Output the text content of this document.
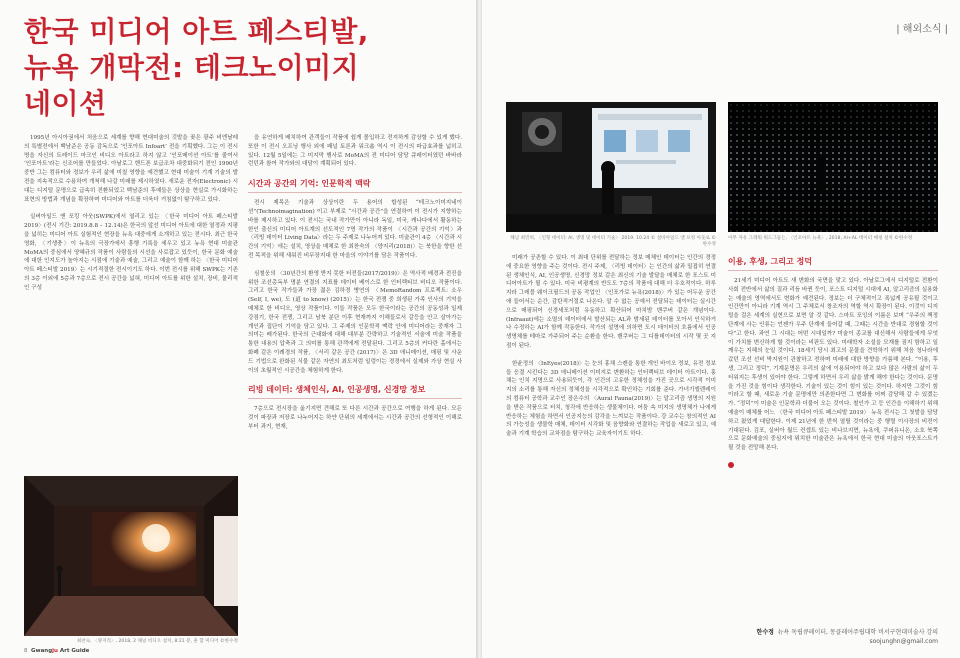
한국 미디어 아트 페스티발,
뉴욕 개막전: 테크노이미지네이션

1995년 아시아권에서 처음으로 세계를 향해 현대미술의 깃발을 꽂은 광주 비엔날레의 특별전에서 백남준은 공동 감독으로 ‘인포아트 Infoart’ 전을 기획했다. 그는 이 전시 명을 자신의 트레이드 마크인 비디오 아트라고 하지 않고 ‘인포메이션 아트’를 줄여서 ‘인포아트’라는 신조어를 만들었다. 아날로그 핸드폰 보급조차 대중화되기 전인 1990년 중반 그는 컴퓨터와 정보가 우리 삶에 미칠 영향을 예견했고 현대 미술이 기계 기술의 발전을 지속적으로 수용하여 개척해 나갈 미래를 제시하였다. 새로운 전자(Electronic) 시대는 디지털 문명으로 급속히 전환되었고 백남준의 후예들은 상상을 현실로 가시화하는 표현의 방법과 개념을 확장하며 미디어와 아트를 더욱더 거침없이 탐구하고 있다.

실버아일드 앤 포킹 아웃(SWPK)에서 열리고 있는 〈한국 미디어 아트 페스티발 2019〉(전시 기간: 2019.8.8 – 12.14)은 한국의 앞선 미디어 아트에 대한 열정과 지평을 넓히는 미디어 아트 실험적인 현장을 뉴욕 대중에게 소개하고 있는 전시다. 최근 한국 영화, 〈기생충〉이 뉴욕의 극장가에서 흥행 기록을 세우고 있고 뉴욕 현대 미술관 MoMA의 중심에서 양혜규의 작품이 사람들의 시선을 사로잡고 있듯이, 한국 문화 예술에 대한 인지도가 높아지는 시점에 기술과 예술, 그리고 예술이 함께 하는 〈한국 미디어 아트 페스티발 2019〉는 시기적절한 전시이기도 하다. 이번 전시를 위해 SWPK는 기존의 3층 이외에 5층과 7층으로 전시 공간을 넓혀, 미디어 아트를 위한 설치, 장비, 물리적인 구성

을 유연하게 배치하여 관객들이 작품에 쉽게 몰입하고 전지하게 감상할 수 있게 했다. 또한 이 전시 오프닝 행사 외에 패널 토론과 워크숍 역시 이 전시의 파급효과를 넓히고 있다. 12월 5일에는 그 미지막 행사로 MoMA의 전 미디어 담당 큐레이터였던 바바라 런던과 참여 작가와의 대담이 계획되어 있다.

시간과 공간의 기억: 인문학적 맥락

전시 제목은 기술과 상상이란 두 용어의 합성된 “테크노이미지네이션”(Technoimagination) 이고 부제로 “시간과 공간”을 연결하여 이 전시가 지향하는 바를 제시하고 있다. 이 전시는 국내 작가만이 아니라 독일, 미국, 캐나다에서 활동하는 한인 출신의 미디어 아트계의 선도적인 7명 작가의 작품이 〈시간과 공간의 기억〉과 〈리빙 데이터 Living Data〉라는 두 주제로 나누어져 있다. 미술관이 4층 〈시간과 시간의 기억〉에는 설치, 영상을 매체로 한 최찬숙의 〈양지리(2018)〉는 북한을 향한 선전 목적을 위해 새워진 비무장지대 한 마을의 이야기를 담은 작품이다.

심철웅의 〈30년간의 환영 받지 못한 터전들(2017/2019)〉은 역사적 배경과 전진을 위한 조선총독부 명분 연결의 지표를 데이터 베이스로 한 인터렉티브 비디오 작품이다. 그리고 한국 작가들과 가장 젊은 김하경 병연의 〈MemoRandom 프로젝트: 소우 (Self, I, we), 도 (道 to know) (2015)〉는 한국 전쟁 중 희생된 가족 인사의 기억을 매체로 한 비디오, 영상 작품이다. 이들 작품은 모두 한국이라는 공간의 공동성과 일제 강점기, 한국 전쟁, 그리고 남북 분단 이후 현재까지 이해들로서 갈등을 안고 살아가는 개인과 집단이 기억을 담고 있다. 그 주제의 인문학적 맥락 안에 미디어라는 중재자 그 의미는 배가된다. 한국의 근대화에 대해 대부분 간략하고 기술적인 서술에 미술 작품을 통한 내용의 압축과 그 의미를 통해 관객에게 전달된다. 그리고 5층의 커다란 홀에서는 화폐 같은 이례경의 작품, 〈서리 같은 공간 (2017)〉은 3D 애니메이션, 매핑 및 사운드 기법으로 완화된 식물 같은 자연의 최도처럼 일렁이는 경경에서 실제와 가상 현실 사이의 초월적인 시공간을 체험하게 한다.

리빙 데이터: 생체인식, AI, 인공생명, 신경망 정보

7층으로 전시장을 옮기지면 견해로 또 다른 시간과 공간으로 여행을 하게 된다. 모든 것이 파장과 저장로 나누어지는 하얀 단위의 세계에서는 시간과 공간의 선형적인 이해로부터 과거, 현재,

최찬숙, 〈양지리〉, 2018, 2 채널 비디오 설치, 8:21 분, 훈 합 미디어 ©한수정
8 Gwangju Art Guide
| 해외소식 |
해남 최민희, 〈인형 데이터: AI, 생명 및 데이터 기술〉 2019. 10.24 © 설바아일드 앤 포킹 아웃로 ©한수정
아무 자유 그레워 워드그들는, 〈인포아트 뉴욕〉, 2018, AI+AL 데이터 매핑 설치 ©한수정

미래가 공존할 수 있다. 이 최대 단위를 전달하는 정보 매체인 데이터는 인간의 경정에 중요한 영향을 주는 것이다. 전시 주제, 〈리빙 데이터〉는 인간의 삶과 밀접히 연결된 생체인식, AI, 인공생명, 신경망 정보 같은 최신의 기술 발달을 매체로 한 포스트 미디어아트가 될 수 있다. 미국 비평계의 반도도 7층의 작품에 대해 더 우호적이다. 하루 지라 그레믈 웨이크필드의 공동 작업인 〈인포가로 뉴욕(2018)〉가 있는 어두운 공간에 들어서는 순간, 감탄적거절로 나온다. 알 수 없는 공예서 전달되는 데이터는 실시간으로 매핑되어 신경세포처럼 유동하고 확산되어 마치밤 밴쿠버 같은 개념이다. (Infraaut)에는 소멸의 데이터에서 발산되는 AL과 밤새된 데이터를 모아서 인식하거나 수정하는 AI가 함께 작동한다. 작가의 설명에 의하면 도시 데이터의 흐름에서 인공 생명체를 테마로 가주되어 주는 순환을 한다. 밴쿠버는 그 디를데이터의 시작 몇 곳 지점이 된다.

한윤정의 〈InEyes(2018)〉는 눈의 홍채 스캔을 통한 개인 바이오 정보, 유전 정보들 응결 시킨다는 3D 애니메이션 이미지로 변환하는 인터렉티브 데이터 아트이다. 홍채는 인치 지명으로 사용되듯이, 각 인간의 고유한 정체성을 가진 곳으로 시각적 이미지의 소리를 통해 자신의 정체성을 시각적으로 확인하는 기회를 준다. 가녀기엘렌레이의 컴퓨터 공학과 교수인 장은수의 〈Aural Fauna(2019)〉는 알고리즘 생명의 지원을 받은 작품으로 터치, 청각에 반응하는 생물체이다. 어둠 속 미지의 생명체가 나에게 반응하는 체험을 하면서 인공지능의 감각을 느껴보는 작품이다. 강 교수는 창의적인 AI의 가능성을 생물학 매체, 데이터 시각화 및 음향화와 연결하는 작업을 새로고 있고, 예술과 기계 학습의 교차점을 탐구하는 교육자이기도 하다.

이용, 후생, 그리고 정덕

21세기 미디어 아트도 새 변화의 국면을 맞고 있다. 아날로그에서 디지털로 전환이 사회 전반에서 삶의 질과 리듬 바뀐 듯이, 포스트 디지털 시대에 AI, 알고리즘의 실용화는 예술의 영역에서도 변화가 예견된다. 정보는 더 구체적이고 폭넓게 공유될 것이고 인간만이 아니라 기계 역시 그 주체로서 창조자의 역할 역시 확장이 된다. 이것이 디지털을 걸은 세계의 실현으로 보면 알 것 같다. 스마트 포잉의 이름은 보며 “우주의 책정 단계에 사는 인류는 언젠가 우주 단계에 들어갈 때, 그때는 시간을 반대로 경험할 것이다”고 한다. 과연 그 시대는 어떤 시대일까? 미술이 종교를 대신해서 사람들에게 무엇이 가치를 변신하게 할 것이라는 비판도 있다. 미래학자 소설을 모재를 짐지 함하고 일깨우는 지혜의 눈일 것이다. 18세기 당시 최고의 문물을 견학하기 위해 처음 청나라에 갔던 조선 선비 박지원이 관찰하고 전하며 미래에 대한 방향을 가름해 본다. “이용, 후생, 그리고 정덕”, 기계문명은 우리의 삶에 이용되어야 하고 보다 많은 사람의 삶이 두터워지는 후생이 있어야 한다. 그렇게 하면서 우리 삶을 밝게 해야 한다는 것이다. 문명을 가진 것을 힘이다 생각한다. 기술이 있는 것이 힘이 있는 것이다. 하지만 그것이 힘이라고 할 때, 새로운 기술 문명에만 의존한다면 그 변화를 어찌 감당해 갈 수 있겠는가. “정덕”이 미술은 인문학과 더불어 오는 것이다. 철인가 고 등 인간을 이해하기 위해 예술이 매체를 어느 〈한국 미디어 아트 페스티발 2019〉 뉴욕 전시는 그 첫발을 담당하고 왔었게 대답한다. 이제 21년에 한 번씩 열릴 것이라는 중 행렬 이사장의 비전이 기대된다. 김포, 실버아 월드 컨셉트 있는 비나브지면, 뉴욕에, 쿠퍼유니온, 소호 북쪽으로 문화예술의 중심지에 위치한 미술관은 뉴욕에서 한국 현대 미술의 아웃포스트가 될 것을 전망해 본다.

한수정 뉴욕 독립큐레이터, 몽클레어주립대학 비서구현대미술사 강의
soojunghn@gmail.com
